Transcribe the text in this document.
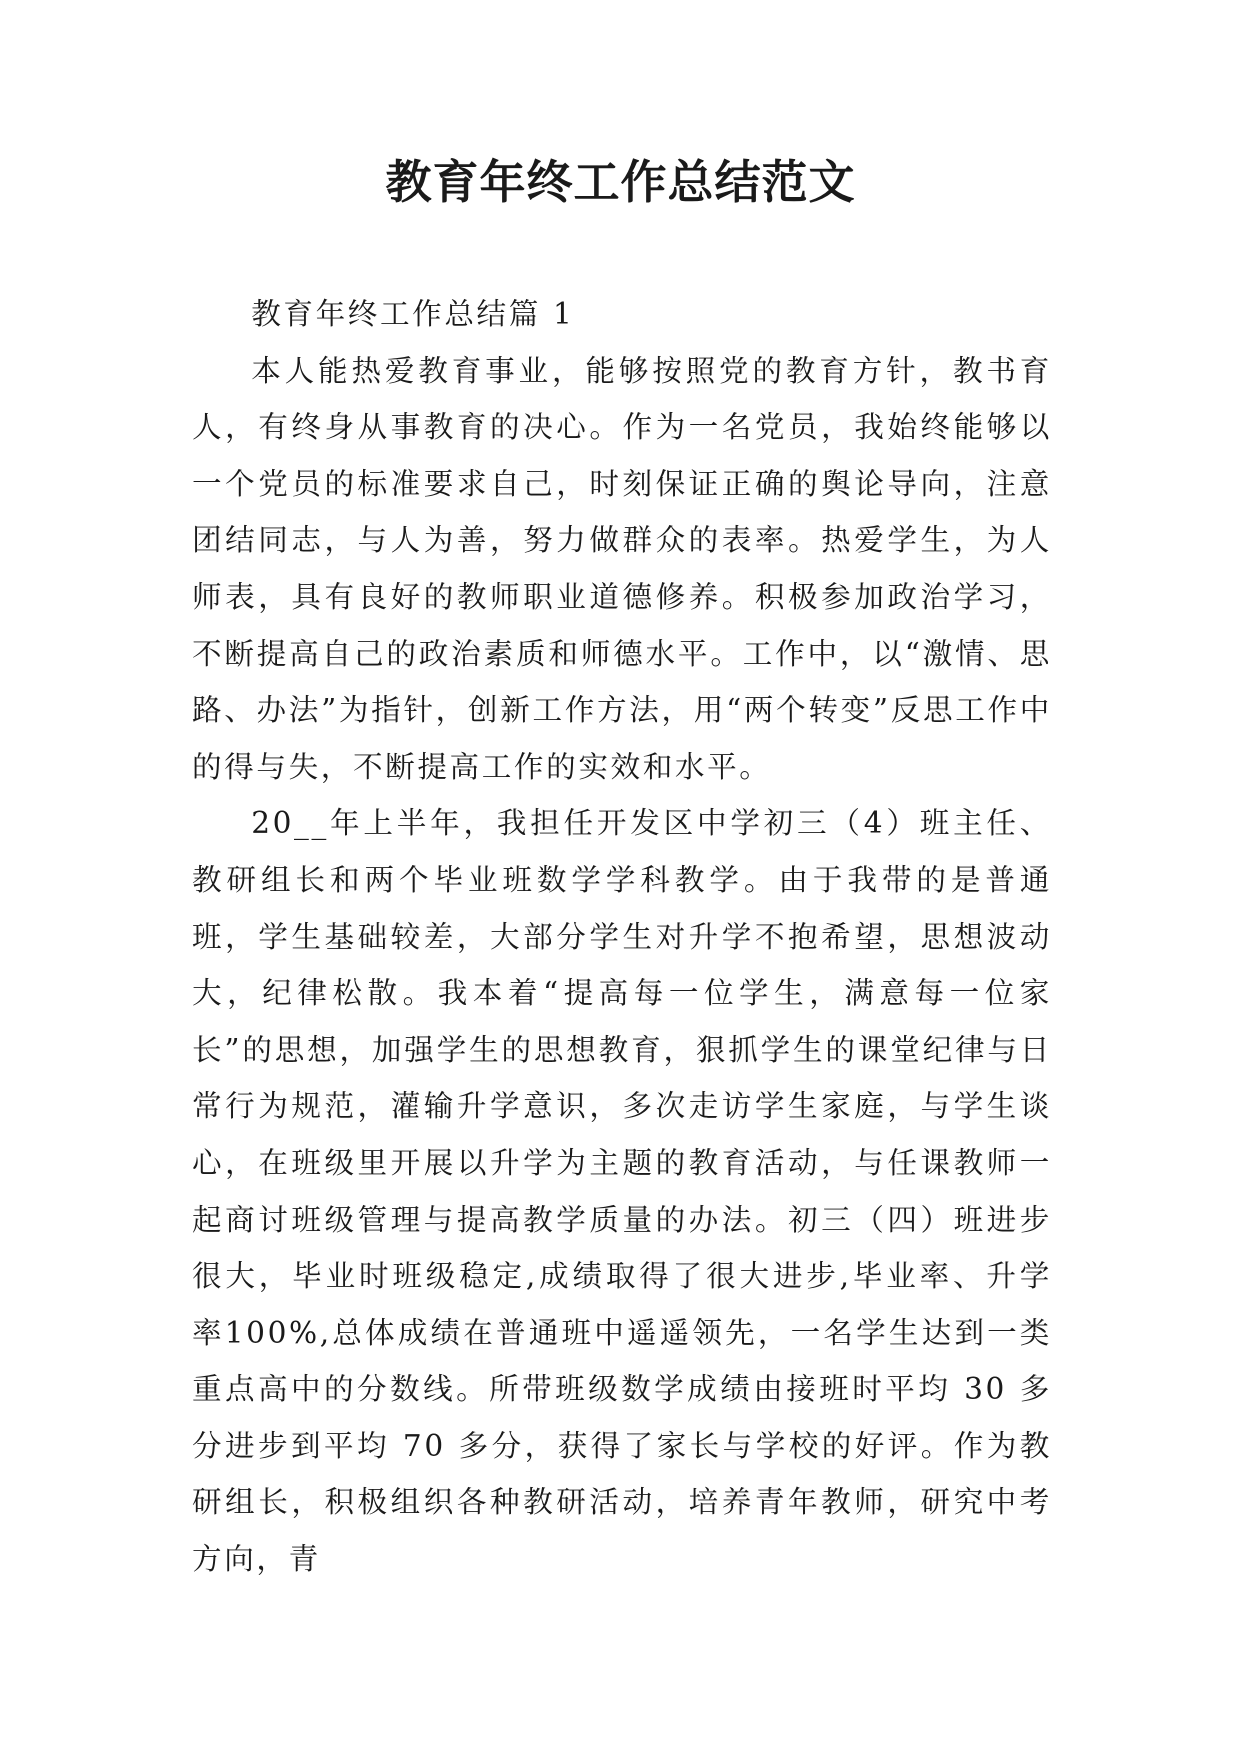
教育年终工作总结范文

教育年终工作总结篇 1

本人能热爱教育事业，能够按照党的教育方针，教书育人，有终身从事教育的决心。作为一名党员，我始终能够以一个党员的标准要求自己，时刻保证正确的舆论导向，注意团结同志，与人为善，努力做群众的表率。热爱学生，为人师表，具有良好的教师职业道德修养。积极参加政治学习，不断提高自己的政治素质和师德水平。工作中，以“激情、思路、办法”为指针，创新工作方法，用“两个转变”反思工作中的得与失，不断提高工作的实效和水平。

20__年上半年，我担任开发区中学初三（4）班主任、教研组长和两个毕业班数学学科教学。由于我带的是普通班，学生基础较差，大部分学生对升学不抱希望，思想波动大，纪律松散。我本着“提高每一位学生，满意每一位家长”的思想，加强学生的思想教育，狠抓学生的课堂纪律与日常行为规范，灌输升学意识，多次走访学生家庭，与学生谈心，在班级里开展以升学为主题的教育活动，与任课教师一起商讨班级管理与提高教学质量的办法。初三（四）班进步很大，毕业时班级稳定,成绩取得了很大进步,毕业率、升学率100%,总体成绩在普通班中遥遥领先，一名学生达到一类重点高中的分数线。所带班级数学成绩由接班时平均 30 多分进步到平均 70 多分，获得了家长与学校的好评。作为教研组长，积极组织各种教研活动，培养青年教师，研究中考方向，青
